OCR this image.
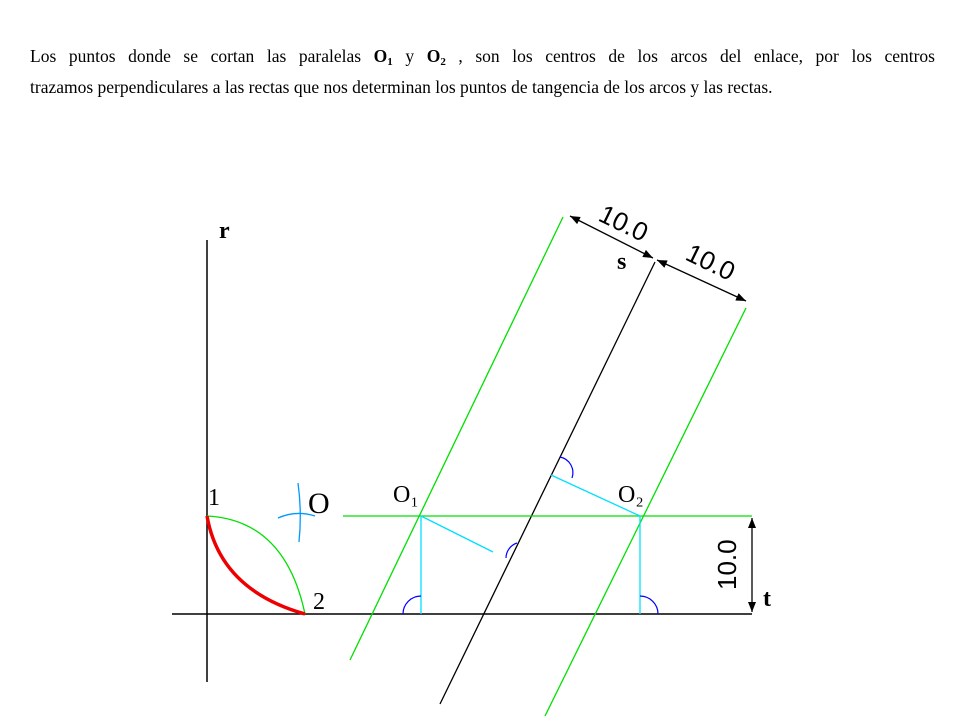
Los puntos donde se cortan las paralelas $O_1$ y $O_2$ , son los centros de los arcos del enlace, por los centros
trazamos perpendiculares a las rectas que nos determinan los puntos de tangencia de los arcos y las rectas.
10.0
10.0
10.0
r
s
t
1
2
O	O₁	O₂
